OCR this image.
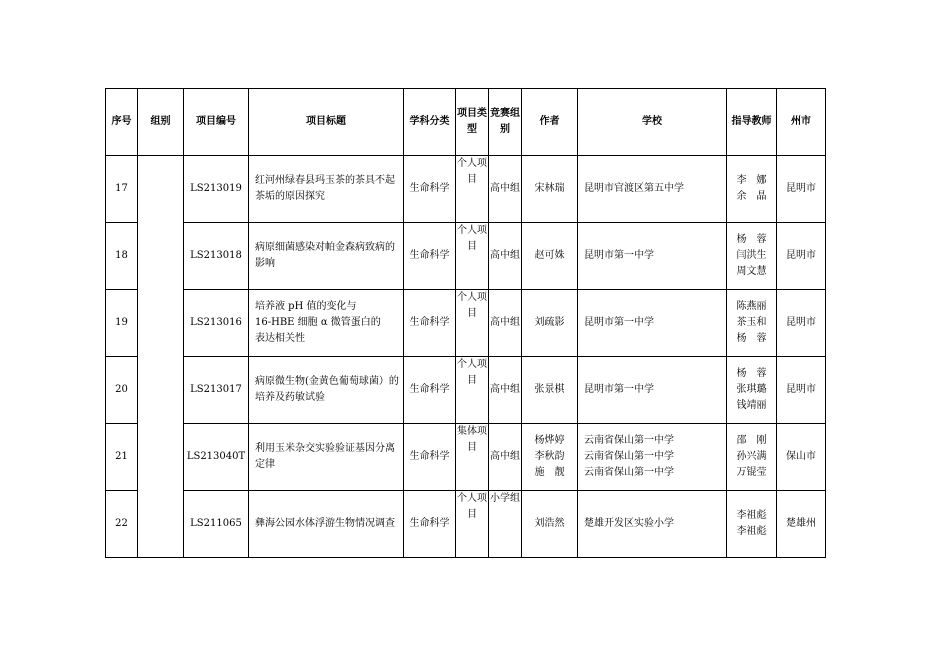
序号	组别	项目编号	项目标题	学科分类	项目类型	竞赛组别	作者	学校	指导教师	州市
17		LS213019	红河州绿春县玛玉茶的茶具不起茶垢的原因探究	生命科学	个人项目	高中组	宋林瑞	昆明市官渡区第五中学	李　娜
余　晶	昆明市
18		LS213018	病原细菌感染对帕金森病致病的影响	生命科学	个人项目	高中组	赵可姝	昆明市第一中学	杨　蓉
闫洪生
周文慧	昆明市
19		LS213016	培养液 pH 值的变化与
16-HBE 细胞 α 微管蛋白的
表达相关性	生命科学	个人项目	高中组	刘疏影	昆明市第一中学	陈燕丽
茶玉和
杨　蓉	昆明市
20		LS213017	病原微生物(金黄色葡萄球菌）的培养及药敏试验	生命科学	个人项目	高中组	张景棋	昆明市第一中学	杨　蓉
张琪璐
钱靖丽	昆明市
21		LS213040T	利用玉米杂交实验验证基因分离定律	生命科学	集体项目	高中组	杨烨婷
李秋韵
施　靓	云南省保山第一中学
云南省保山第一中学
云南省保山第一中学	邵　刚
孙兴满
万锟莹	保山市
22		LS211065	彝海公园水体浮游生物情况调查	生命科学	个人项目	小学组	刘浩然	楚雄开发区实验小学	李祖彪
李祖彪	楚雄州
